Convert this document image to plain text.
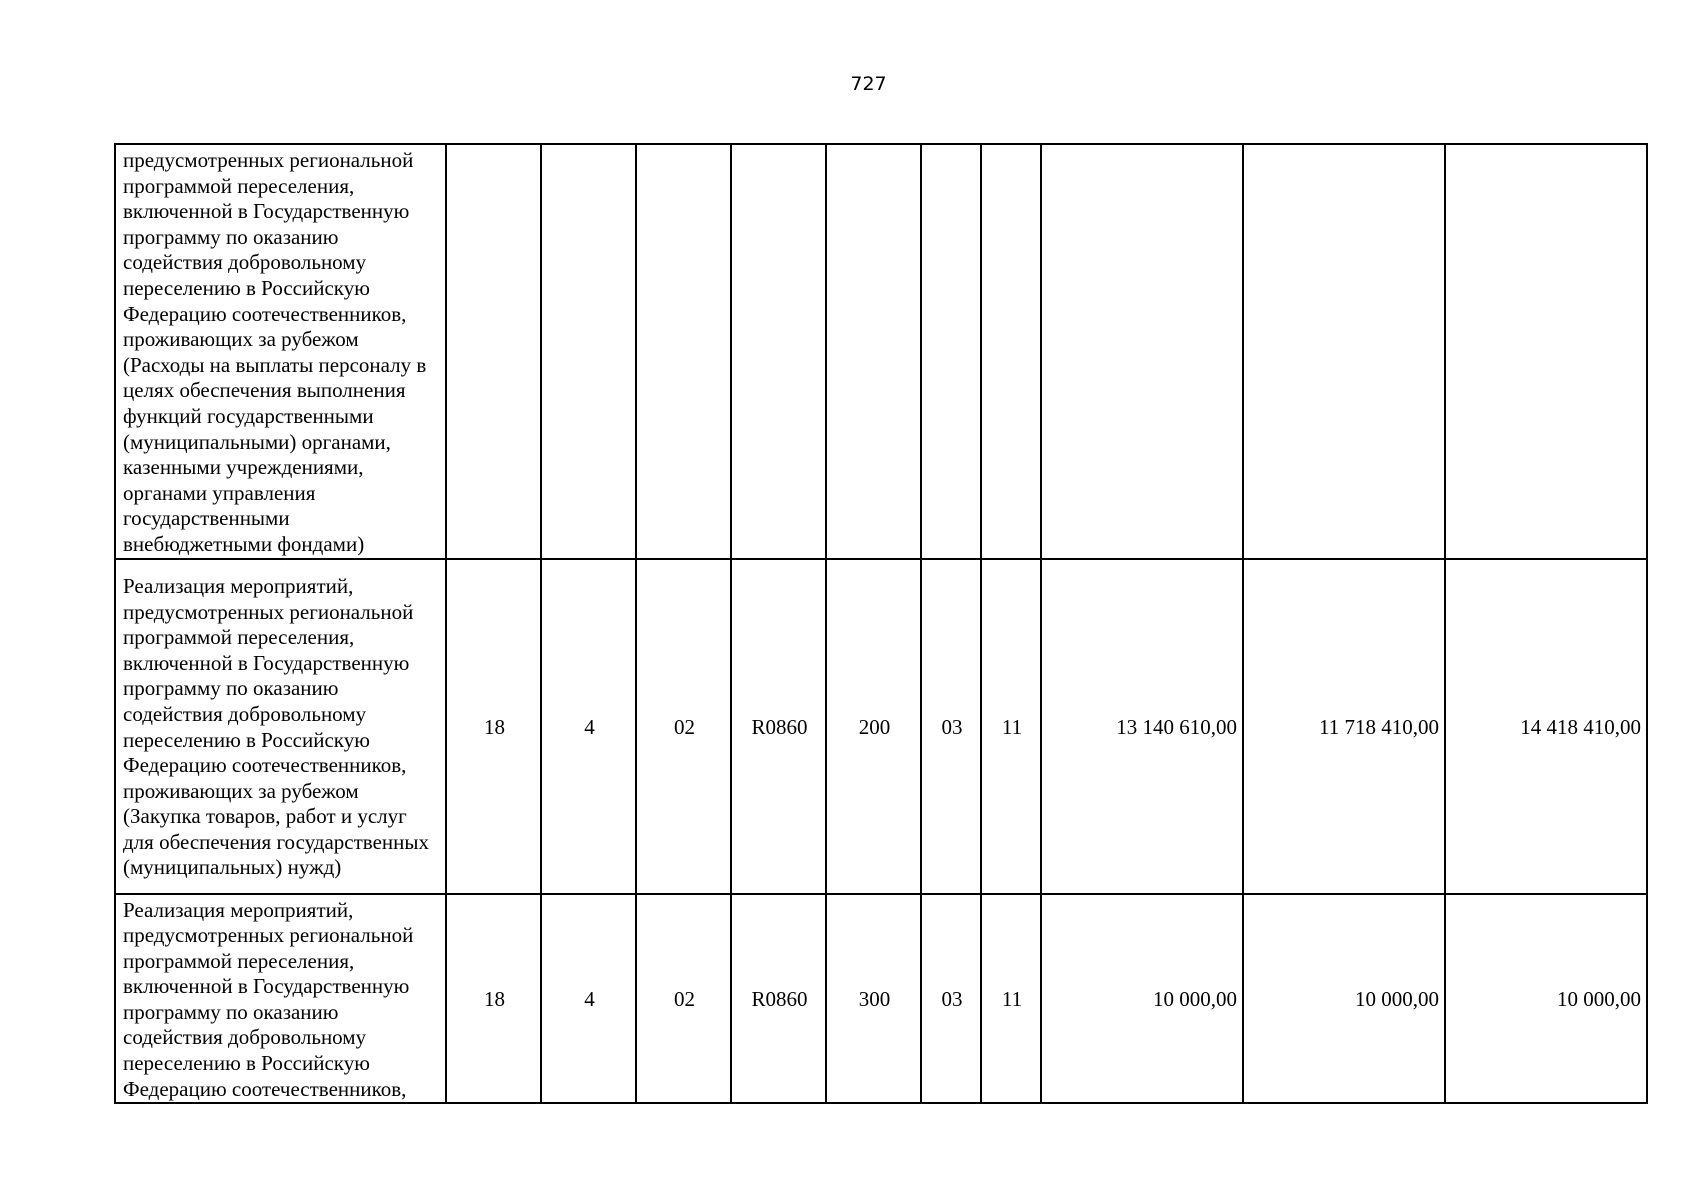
727
предусмотренных региональной программой переселения, включенной в Государственную программу по оказанию содействия добровольному переселению в Российскую Федерацию соотечественников, проживающих за рубежом (Расходы на выплаты персоналу в целях обеспечения выполнения функций государственными (муниципальными) органами, казенными учреждениями, органами управления государственными внебюджетными фондами)										
Реализация мероприятий, предусмотренных региональной программой переселения, включенной в Государственную программу по оказанию содействия добровольному переселению в Российскую Федерацию соотечественников, проживающих за рубежом (Закупка товаров, работ и услуг для обеспечения государственных (муниципальных) нужд)	18	4	02	R0860	200	03	11	13 140 610,00	11 718 410,00	14 418 410,00
Реализация мероприятий, предусмотренных региональной программой переселения, включенной в Государственную программу по оказанию содействия добровольному переселению в Российскую Федерацию соотечественников,	18	4	02	R0860	300	03	11	10 000,00	10 000,00	10 000,00
